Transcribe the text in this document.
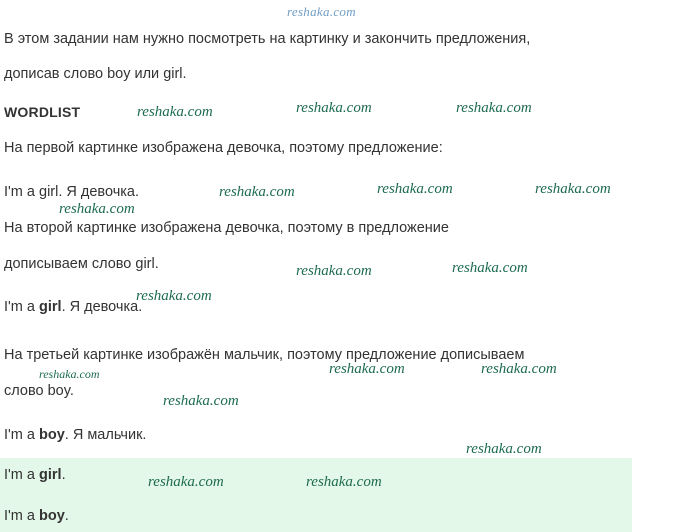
reshaka.com
В этом задании нам нужно посмотреть на картинку и закончить предложения,
дописав слово boy или girl.
WORDLIST
На первой картинке изображена девочка, поэтому предложение:
I'm a girl. Я девочка.
На второй картинке изображена девочка, поэтому в предложение
дописываем слово girl.
I'm a girl. Я девочка.
На третьей картинке изображён мальчик, поэтому предложение дописываем
слово boy.
I'm a boy. Я мальчик.
I'm a girl.
I'm a boy.
reshaka.com	reshaka.com	reshaka.com
reshaka.com	reshaka.com	reshaka.com
reshaka.com
reshaka.com	reshaka.com
reshaka.com
reshaka.com	reshaka.com
reshaka.com
reshaka.com
reshaka.com
reshaka.com	reshaka.com
